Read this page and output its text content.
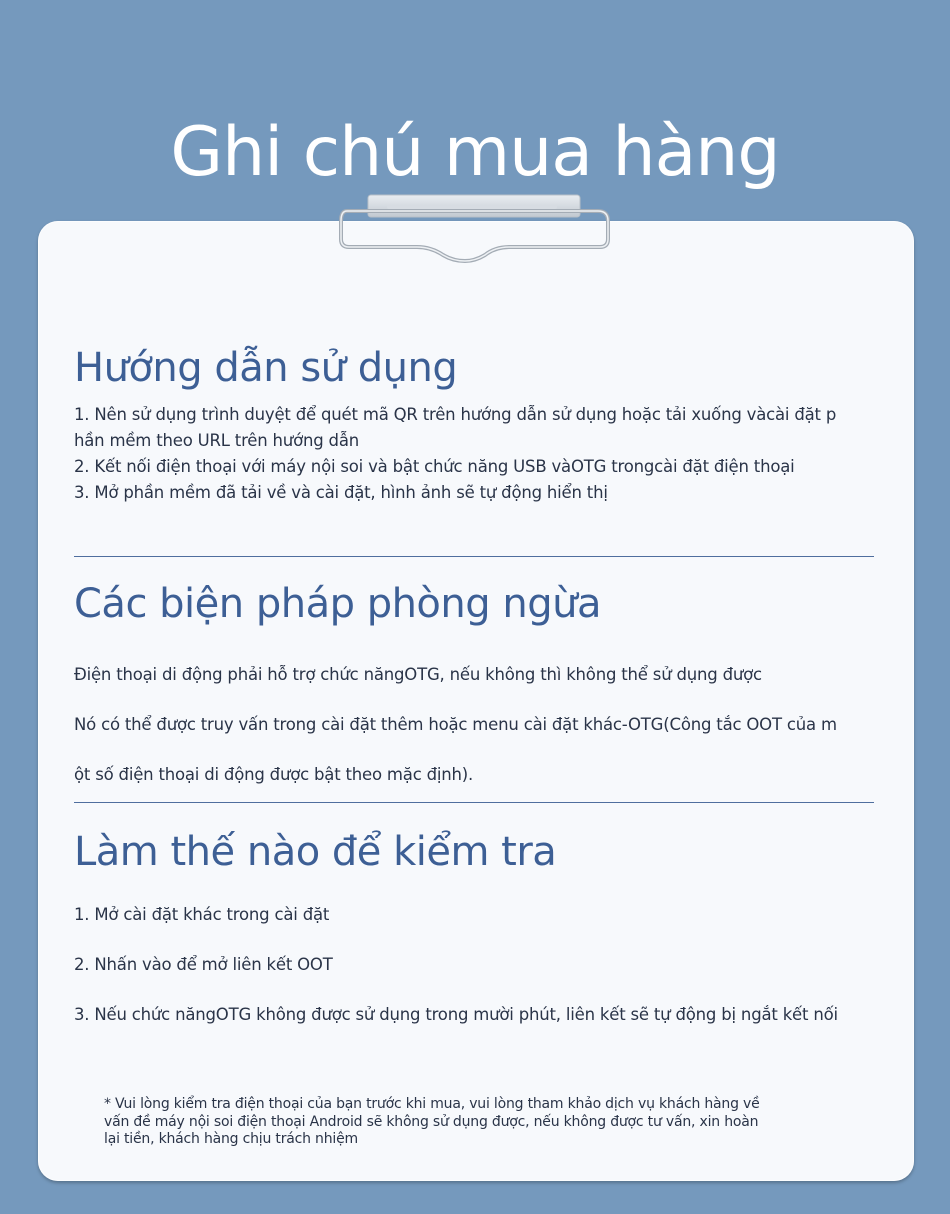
Ghi chú mua hàng
Hướng dẫn sử dụng

1. Nên sử dụng trình duyệt để quét mã QR trên hướng dẫn sử dụng hoặc tải xuống vàcài đặt p

hần mềm theo URL trên hướng dẫn

2. Kết nối điện thoại với máy nội soi và bật chức năng USB vàOTG trongcài đặt điện thoại

3. Mở phần mềm đã tải về và cài đặt, hình ảnh sẽ tự động hiển thị

Các biện pháp phòng ngừa

Điện thoại di động phải hỗ trợ chức năngOTG, nếu không thì không thể sử dụng được

Nó có thể được truy vấn trong cài đặt thêm hoặc menu cài đặt khác-OTG(Công tắc OOT của m

ột số điện thoại di động được bật theo mặc định).

Làm thế nào để kiểm tra

1. Mở cài đặt khác trong cài đặt

2. Nhấn vào để mở liên kết OOT

3. Nếu chức năngOTG không được sử dụng trong mười phút, liên kết sẽ tự động bị ngắt kết nối

* Vui lòng kiểm tra điện thoại của bạn trước khi mua, vui lòng tham khảo dịch vụ khách hàng về

vấn đề máy nội soi điện thoại Android sẽ không sử dụng được, nếu không được tư vấn, xin hoàn

lại tiền, khách hàng chịu trách nhiệm
